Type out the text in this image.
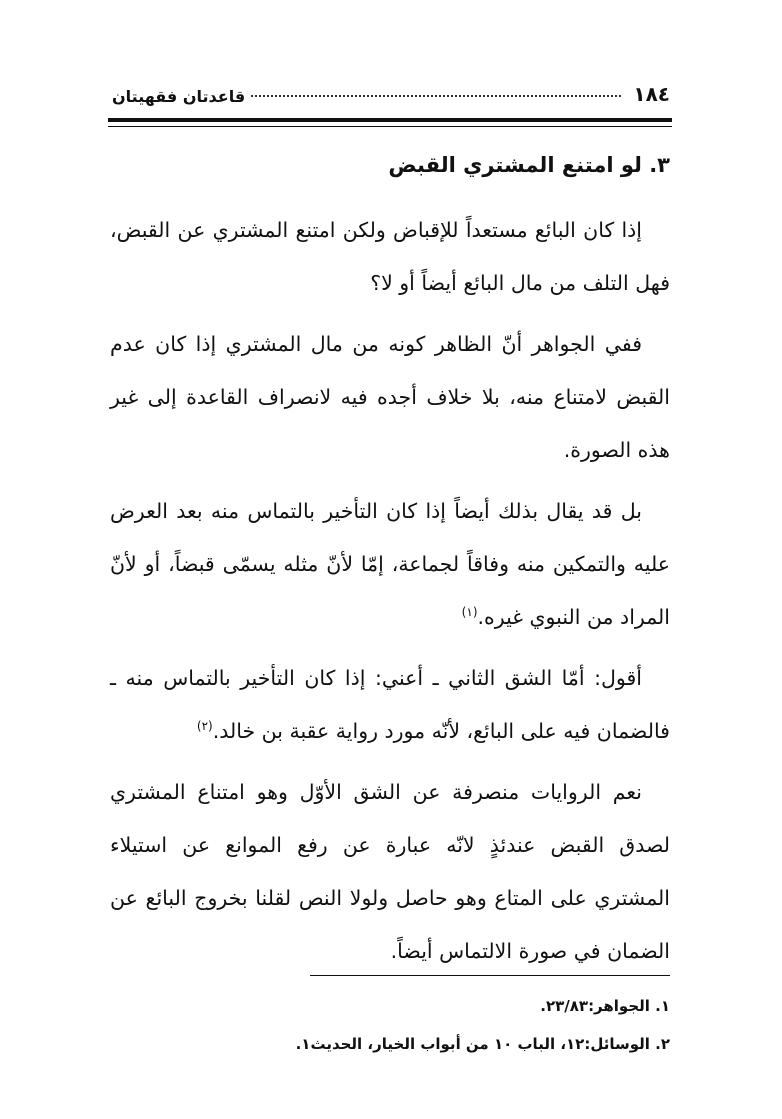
١٨٤
قاعدتان فقهيتان
٣. لو امتنع المشتري القبض

إذا كان البائع مستعداً للإقباض ولكن امتنع المشتري عن القبض، فهل التلف من مال البائع أيضاً أو لا؟

ففي الجواهر أنّ الظاهر كونه من مال المشتري إذا كان عدم القبض لامتناع منه، بلا خلاف أجده فيه لانصراف القاعدة إلى غير هذه الصورة.

بل قد يقال بذلك أيضاً إذا كان التأخير بالتماس منه بعد العرض عليه والتمكين منه وفاقاً لجماعة، إمّا لأنّ مثله يسمّى قبضاً، أو لأنّ المراد من النبوي غيره.$^{(١)}$

أقول: أمّا الشق الثاني ـ أعني: إذا كان التأخير بالتماس منه ـ فالضمان فيه على البائع، لأنّه مورد رواية عقبة بن خالد.$^{(٢)}$

نعم الروايات منصرفة عن الشق الأوّل وهو امتناع المشتري لصدق القبض عندئذٍ لانّه عبارة عن رفع الموانع عن استيلاء المشتري على المتاع وهو حاصل ولولا النص لقلنا بخروج البائع عن الضمان في صورة الالتماس أيضاً.

١. الجواهر:٢٣/٨٣.
٢. الوسائل:١٢، الباب ١٠ من أبواب الخيار، الحديث١.
